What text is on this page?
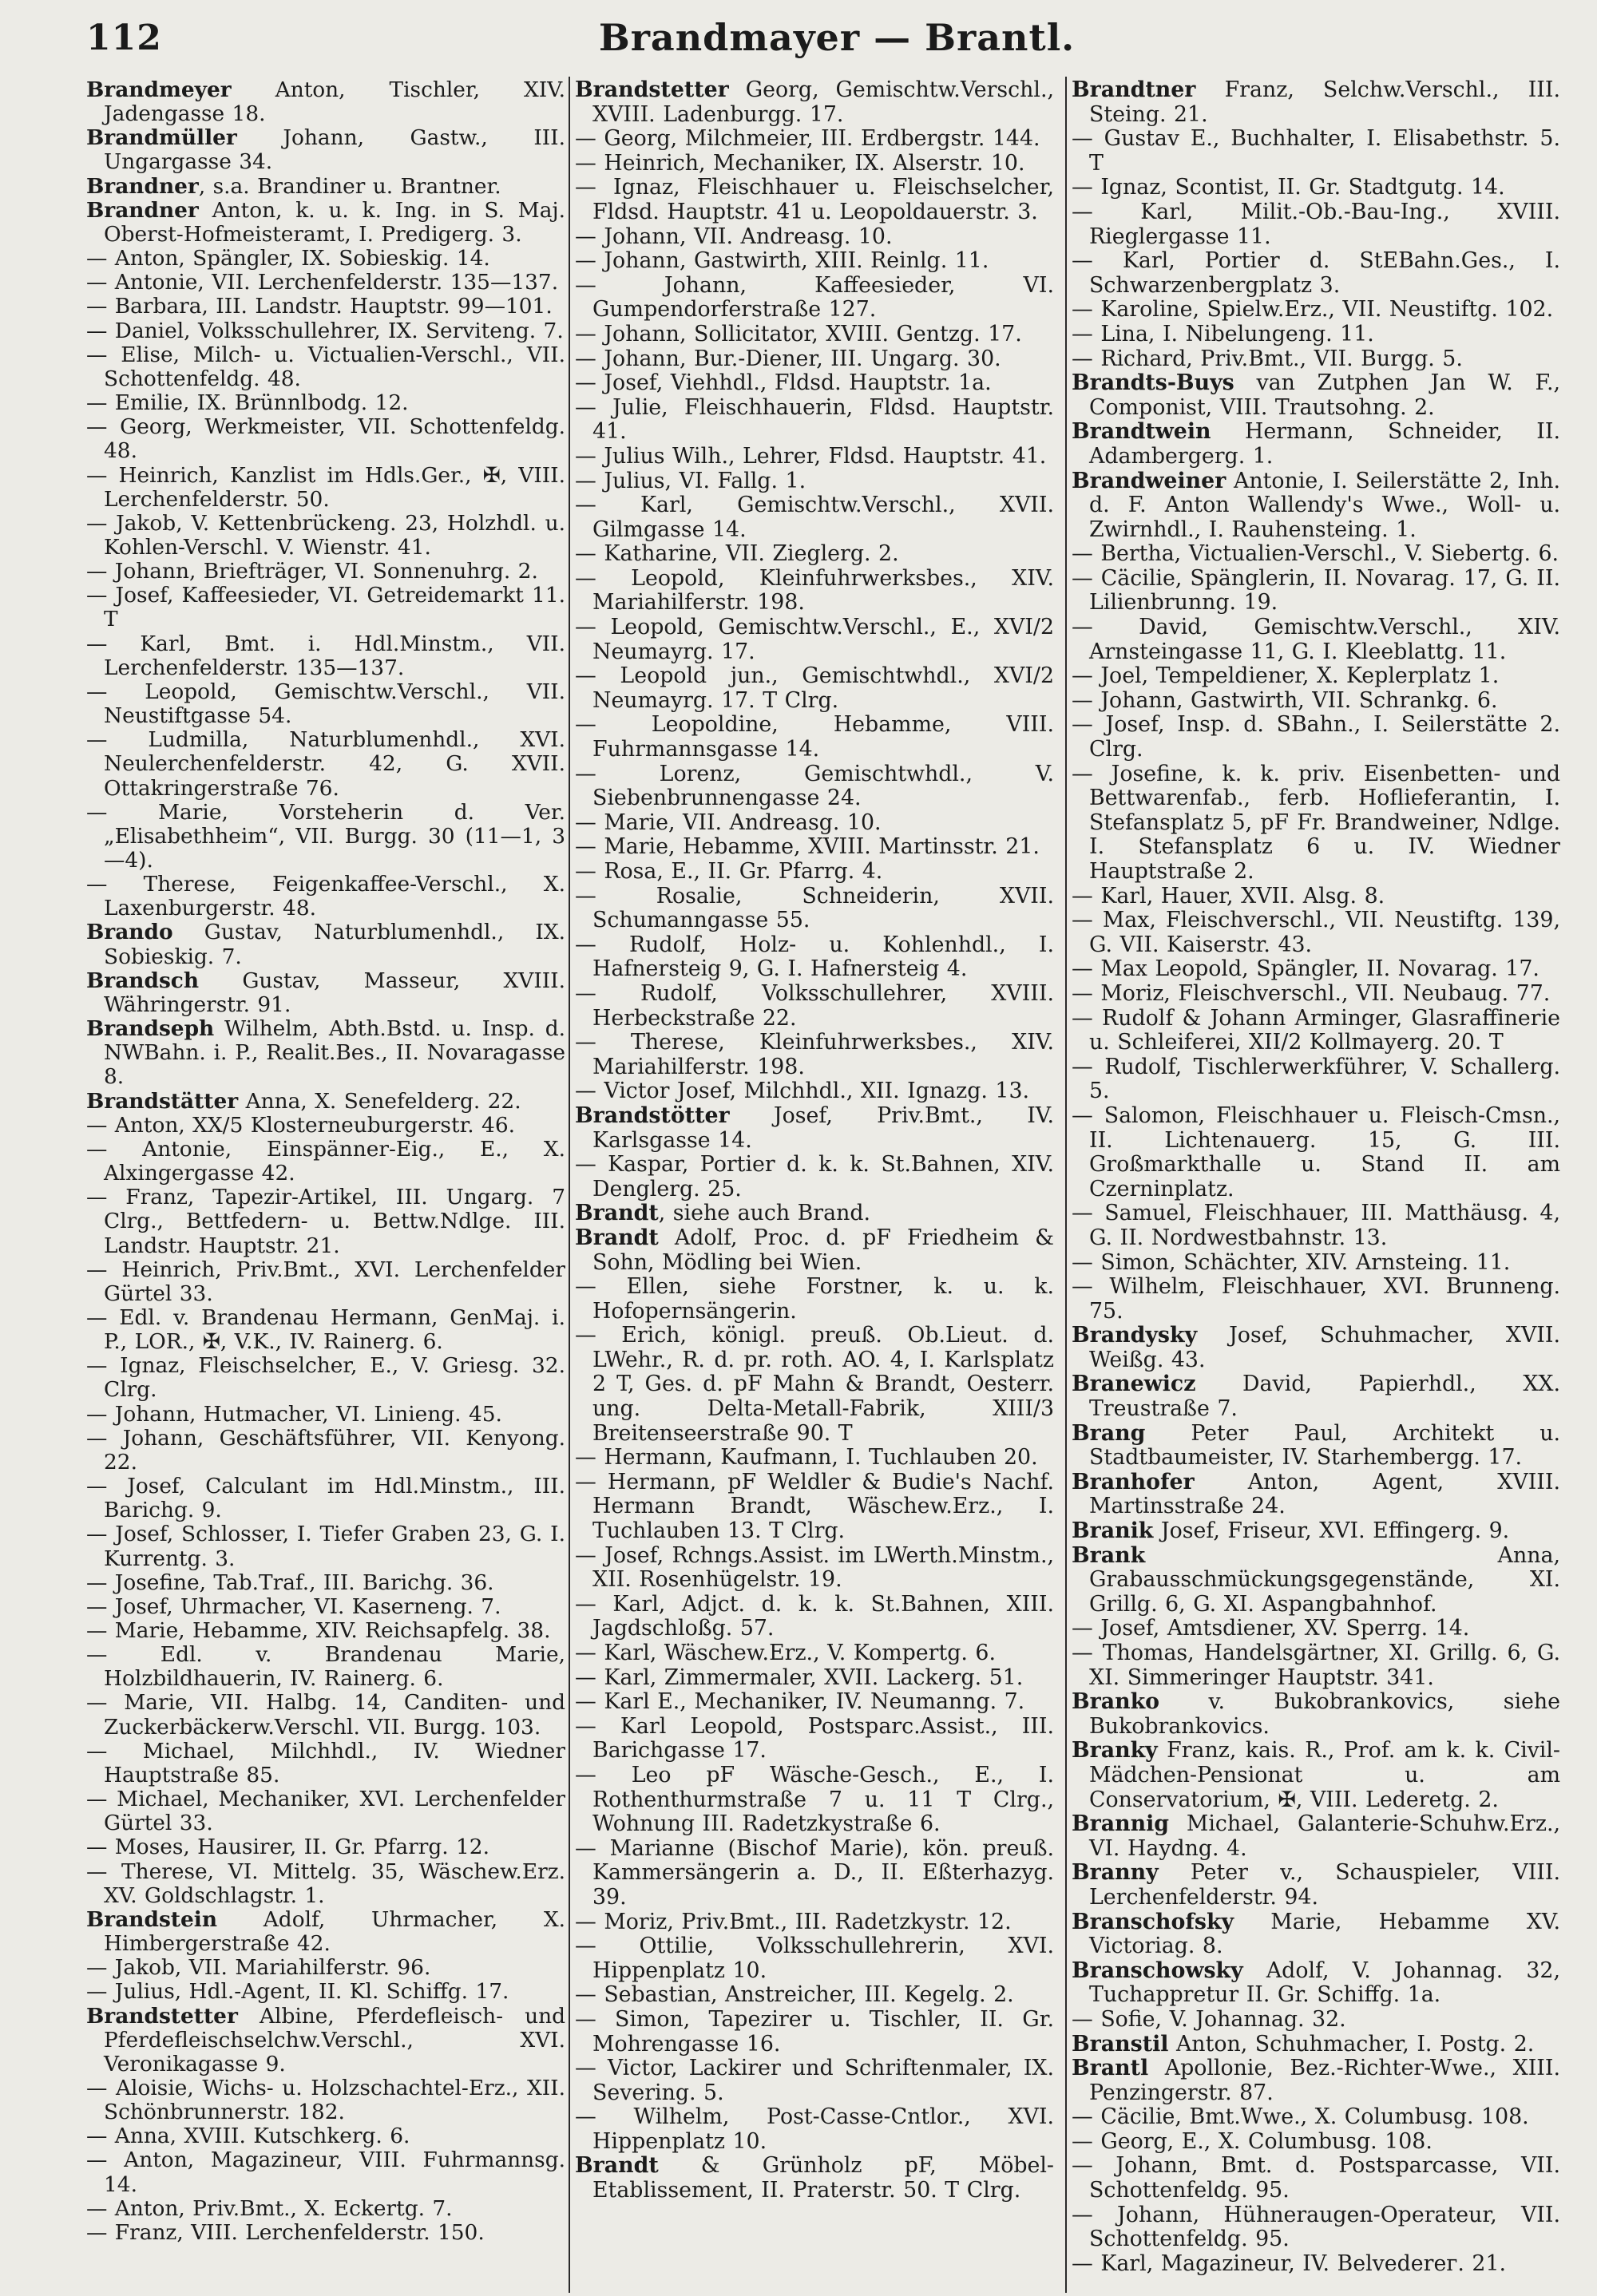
112	Brandmayer — Brantl.

Brandmeyer Anton, Tischler, XIV. Jadengasse 18.

Brandmüller Johann, Gastw., III. Ungargasse 34.

Brandner, s.a. Brandiner u. Brantner.

Brandner Anton, k. u. k. Ing. in S. Maj. Oberst-Hofmeisteramt, I. Predigerg. 3.

— Anton, Spängler, IX. Sobieskig. 14.

— Antonie, VII. Lerchenfelderstr. 135—137.

— Barbara, III. Landstr. Hauptstr. 99—101.

— Daniel, Volksschullehrer, IX. Serviteng. 7.

— Elise, Milch- u. Victualien-Verschl., VII. Schottenfeldg. 48.

— Emilie, IX. Brünnlbodg. 12.

— Georg, Werkmeister, VII. Schottenfeldg. 48.

— Heinrich, Kanzlist im Hdls.Ger., ✠, VIII. Lerchenfelderstr. 50.

— Jakob, V. Kettenbrückeng. 23, Holzhdl. u. Kohlen-Verschl. V. Wienstr. 41.

— Johann, Briefträger, VI. Sonnenuhrg. 2.

— Josef, Kaffeesieder, VI. Getreidemarkt 11. T

— Karl, Bmt. i. Hdl.Minstm., VII. Lerchenfelderstr. 135—137.

— Leopold, Gemischtw.Verschl., VII. Neustiftgasse 54.

— Ludmilla, Naturblumenhdl., XVI. Neulerchenfelderstr. 42, G. XVII. Ottakringerstraße 76.

— Marie, Vorsteherin d. Ver. „Elisabethheim“, VII. Burgg. 30 (11—1, 3—4).

— Therese, Feigenkaffee-Verschl., X. Laxenburgerstr. 48.

Brando Gustav, Naturblumenhdl., IX. Sobieskig. 7.

Brandsch Gustav, Masseur, XVIII. Währingerstr. 91.

Brandseph Wilhelm, Abth.Bstd. u. Insp. d. NWBahn. i. P., Realit.Bes., II. Novaragasse 8.

Brandstätter Anna, X. Senefelderg. 22.

— Anton, XX/5 Klosterneuburgerstr. 46.

— Antonie, Einspänner-Eig., E., X. Alxingergasse 42.

— Franz, Tapezir-Artikel, III. Ungarg. 7 Clrg., Bettfedern- u. Bettw.Ndlge. III. Landstr. Hauptstr. 21.

— Heinrich, Priv.Bmt., XVI. Lerchenfelder Gürtel 33.

— Edl. v. Brandenau Hermann, GenMaj. i. P., LOR., ✠, V.K., IV. Rainerg. 6.

— Ignaz, Fleischselcher, E., V. Griesg. 32. Clrg.

— Johann, Hutmacher, VI. Linieng. 45.

— Johann, Geschäftsführer, VII. Kenyong. 22.

— Josef, Calculant im Hdl.Minstm., III. Barichg. 9.

— Josef, Schlosser, I. Tiefer Graben 23, G. I. Kurrentg. 3.

— Josefine, Tab.Traf., III. Barichg. 36.

— Josef, Uhrmacher, VI. Kaserneng. 7.

— Marie, Hebamme, XIV. Reichsapfelg. 38.

— Edl. v. Brandenau Marie, Holzbildhauerin, IV. Rainerg. 6.

— Marie, VII. Halbg. 14, Canditen- und Zuckerbäckerw.Verschl. VII. Burgg. 103.

— Michael, Milchhdl., IV. Wiedner Hauptstraße 85.

— Michael, Mechaniker, XVI. Lerchenfelder Gürtel 33.

— Moses, Hausirer, II. Gr. Pfarrg. 12.

— Therese, VI. Mittelg. 35, Wäschew.Erz. XV. Goldschlagstr. 1.

Brandstein Adolf, Uhrmacher, X. Himbergerstraße 42.

— Jakob, VII. Mariahilferstr. 96.

— Julius, Hdl.-Agent, II. Kl. Schiffg. 17.

Brandstetter Albine, Pferdefleisch- und Pferdefleischselchw.Verschl., XVI. Veronikagasse 9.

— Aloisie, Wichs- u. Holzschachtel-Erz., XII. Schönbrunnerstr. 182.

— Anna, XVIII. Kutschkerg. 6.

— Anton, Magazineur, VIII. Fuhrmannsg. 14.

— Anton, Priv.Bmt., X. Eckertg. 7.

— Franz, VIII. Lerchenfelderstr. 150.

Brandstetter Georg, Gemischtw.Verschl., XVIII. Ladenburgg. 17.

— Georg, Milchmeier, III. Erdbergstr. 144.

— Heinrich, Mechaniker, IX. Alserstr. 10.

— Ignaz, Fleischhauer u. Fleischselcher, Fldsd. Hauptstr. 41 u. Leopoldauerstr. 3.

— Johann, VII. Andreasg. 10.

— Johann, Gastwirth, XIII. Reinlg. 11.

— Johann, Kaffeesieder, VI. Gumpendorferstraße 127.

— Johann, Sollicitator, XVIII. Gentzg. 17.

— Johann, Bur.-Diener, III. Ungarg. 30.

— Josef, Viehhdl., Fldsd. Hauptstr. 1a.

— Julie, Fleischhauerin, Fldsd. Hauptstr. 41.

— Julius Wilh., Lehrer, Fldsd. Hauptstr. 41.

— Julius, VI. Fallg. 1.

— Karl, Gemischtw.Verschl., XVII. Gilmgasse 14.

— Katharine, VII. Zieglerg. 2.

— Leopold, Kleinfuhrwerksbes., XIV. Mariahilferstr. 198.

— Leopold, Gemischtw.Verschl., E., XVI/2 Neumayrg. 17.

— Leopold jun., Gemischtwhdl., XVI/2 Neumayrg. 17. T Clrg.

— Leopoldine, Hebamme, VIII. Fuhrmannsgasse 14.

— Lorenz, Gemischtwhdl., V. Siebenbrunnengasse 24.

— Marie, VII. Andreasg. 10.

— Marie, Hebamme, XVIII. Martinsstr. 21.

— Rosa, E., II. Gr. Pfarrg. 4.

— Rosalie, Schneiderin, XVII. Schumanngasse 55.

— Rudolf, Holz- u. Kohlenhdl., I. Hafnersteig 9, G. I. Hafnersteig 4.

— Rudolf, Volksschullehrer, XVIII. Herbeckstraße 22.

— Therese, Kleinfuhrwerksbes., XIV. Mariahilferstr. 198.

— Victor Josef, Milchhdl., XII. Ignazg. 13.

Brandstötter Josef, Priv.Bmt., IV. Karlsgasse 14.

— Kaspar, Portier d. k. k. St.Bahnen, XIV. Denglerg. 25.

Brandt, siehe auch Brand.

Brandt Adolf, Proc. d. pF Friedheim & Sohn, Mödling bei Wien.

— Ellen, siehe Forstner, k. u. k. Hofopernsängerin.

— Erich, königl. preuß. Ob.Lieut. d. LWehr., R. d. pr. roth. AO. 4, I. Karlsplatz 2 T, Ges. d. pF Mahn & Brandt, Oesterr. ung. Delta-Metall-Fabrik, XIII/3 Breitenseerstraße 90. T

— Hermann, Kaufmann, I. Tuchlauben 20.

— Hermann, pF Weldler & Budie's Nachf. Hermann Brandt, Wäschew.Erz., I. Tuchlauben 13. T Clrg.

— Josef, Rchngs.Assist. im LWerth.Minstm., XII. Rosenhügelstr. 19.

— Karl, Adjct. d. k. k. St.Bahnen, XIII. Jagdschloßg. 57.

— Karl, Wäschew.Erz., V. Kompertg. 6.

— Karl, Zimmermaler, XVII. Lackerg. 51.

— Karl E., Mechaniker, IV. Neumanng. 7.

— Karl Leopold, Postsparc.Assist., III. Barichgasse 17.

— Leo pF Wäsche-Gesch., E., I. Rothenthurmstraße 7 u. 11 T Clrg., Wohnung III. Radetzkystraße 6.

— Marianne (Bischof Marie), kön. preuß. Kammersängerin a. D., II. Eßterhazyg. 39.

— Moriz, Priv.Bmt., III. Radetzkystr. 12.

— Ottilie, Volksschullehrerin, XVI. Hippenplatz 10.

— Sebastian, Anstreicher, III. Kegelg. 2.

— Simon, Tapezirer u. Tischler, II. Gr. Mohrengasse 16.

— Victor, Lackirer und Schriftenmaler, IX. Severing. 5.

— Wilhelm, Post-Casse-Cntlor., XVI. Hippenplatz 10.

Brandt & Grünholz pF, Möbel-Etablissement, II. Praterstr. 50. T Clrg.

Brandtner Franz, Selchw.Verschl., III. Steing. 21.

— Gustav E., Buchhalter, I. Elisabethstr. 5. T

— Ignaz, Scontist, II. Gr. Stadtgutg. 14.

— Karl, Milit.-Ob.-Bau-Ing., XVIII. Rieglergasse 11.

— Karl, Portier d. StEBahn.Ges., I. Schwarzenbergplatz 3.

— Karoline, Spielw.Erz., VII. Neustiftg. 102.

— Lina, I. Nibelungeng. 11.

— Richard, Priv.Bmt., VII. Burgg. 5.

Brandts-Buys van Zutphen Jan W. F., Componist, VIII. Trautsohng. 2.

Brandtwein Hermann, Schneider, II. Adambergerg. 1.

Brandweiner Antonie, I. Seilerstätte 2, Inh. d. F. Anton Wallendy's Wwe., Woll- u. Zwirnhdl., I. Rauhensteing. 1.

— Bertha, Victualien-Verschl., V. Siebertg. 6.

— Cäcilie, Spänglerin, II. Novarag. 17, G. II. Lilienbrunng. 19.

— David, Gemischtw.Verschl., XIV. Arnsteingasse 11, G. I. Kleeblattg. 11.

— Joel, Tempeldiener, X. Keplerplatz 1.

— Johann, Gastwirth, VII. Schrankg. 6.

— Josef, Insp. d. SBahn., I. Seilerstätte 2. Clrg.

— Josefine, k. k. priv. Eisenbetten- und Bettwarenfab., ferb. Hoflieferantin, I. Stefansplatz 5, pF Fr. Brandweiner, Ndlge. I. Stefansplatz 6 u. IV. Wiedner Hauptstraße 2.

— Karl, Hauer, XVII. Alsg. 8.

— Max, Fleischverschl., VII. Neustiftg. 139, G. VII. Kaiserstr. 43.

— Max Leopold, Spängler, II. Novarag. 17.

— Moriz, Fleischverschl., VII. Neubaug. 77.

— Rudolf & Johann Arminger, Glasraffinerie u. Schleiferei, XII/2 Kollmayerg. 20. T

— Rudolf, Tischlerwerkführer, V. Schallerg. 5.

— Salomon, Fleischhauer u. Fleisch-Cmsn., II. Lichtenauerg. 15, G. III. Großmarkthalle u. Stand II. am Czerninplatz.

— Samuel, Fleischhauer, III. Matthäusg. 4, G. II. Nordwestbahnstr. 13.

— Simon, Schächter, XIV. Arnsteing. 11.

— Wilhelm, Fleischhauer, XVI. Brunneng. 75.

Brandysky Josef, Schuhmacher, XVII. Weißg. 43.

Branewicz David, Papierhdl., XX. Treustraße 7.

Brang Peter Paul, Architekt u. Stadtbaumeister, IV. Starhembergg. 17.

Branhofer Anton, Agent, XVIII. Martinsstraße 24.

Branik Josef, Friseur, XVI. Effingerg. 9.

Brank Anna, Grabausschmückungsgegenstände, XI. Grillg. 6, G. XI. Aspangbahnhof.

— Josef, Amtsdiener, XV. Sperrg. 14.

— Thomas, Handelsgärtner, XI. Grillg. 6, G. XI. Simmeringer Hauptstr. 341.

Branko v. Bukobrankovics, siehe Bukobrankovics.

Branky Franz, kais. R., Prof. am k. k. Civil-Mädchen-Pensionat u. am Conservatorium, ✠, VIII. Lederetg. 2.

Brannig Michael, Galanterie-Schuhw.Erz., VI. Haydng. 4.

Branny Peter v., Schauspieler, VIII. Lerchenfelderstr. 94.

Branschofsky Marie, Hebamme XV. Victoriag. 8.

Branschowsky Adolf, V. Johannag. 32, Tuchappretur II. Gr. Schiffg. 1a.

— Sofie, V. Johannag. 32.

Branstil Anton, Schuhmacher, I. Postg. 2.

Brantl Apollonie, Bez.-Richter-Wwe., XIII. Penzingerstr. 87.

— Cäcilie, Bmt.Wwe., X. Columbusg. 108.

— Georg, E., X. Columbusg. 108.

— Johann, Bmt. d. Postsparcasse, VII. Schottenfeldg. 95.

— Johann, Hühneraugen-Operateur, VII. Schottenfeldg. 95.

— Karl, Magazineur, IV. Belvederег. 21.
